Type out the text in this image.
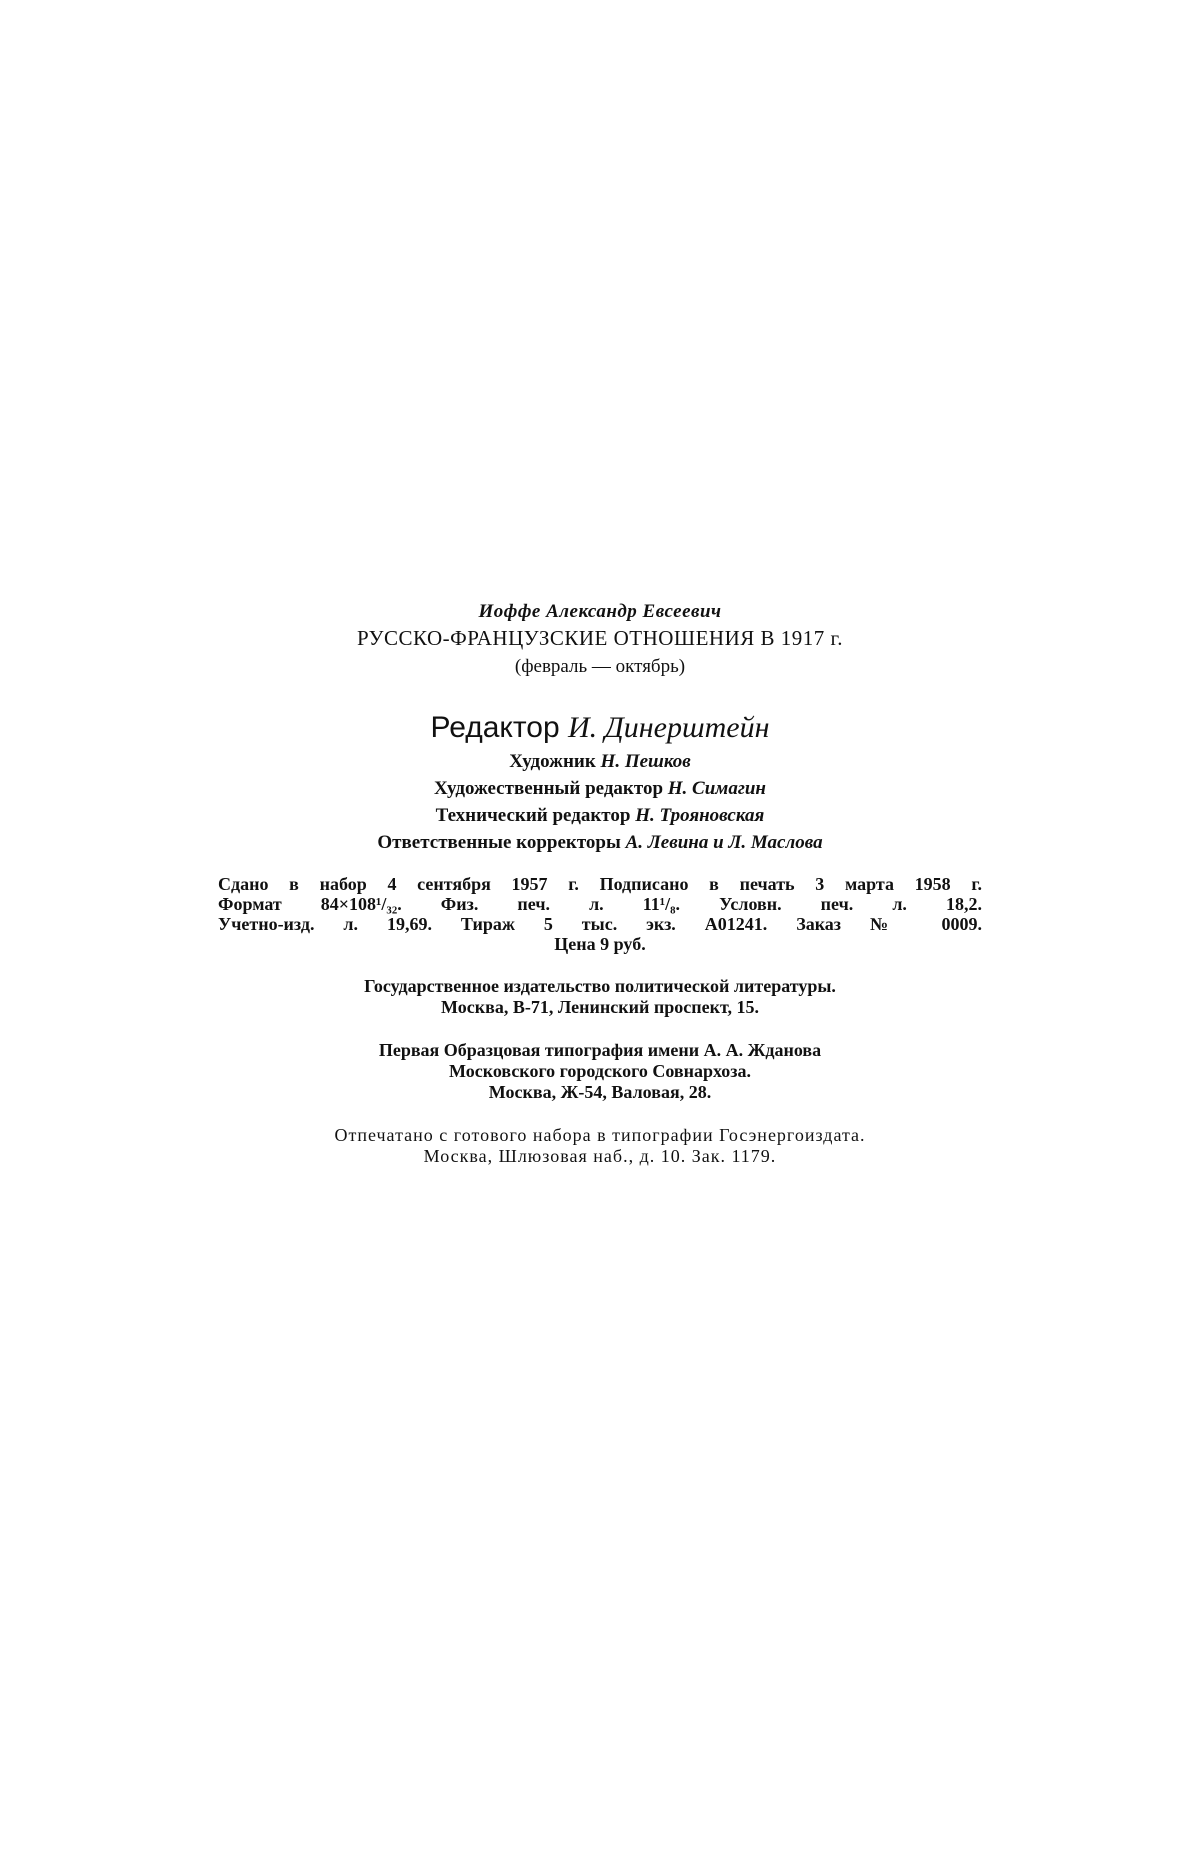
Иоффе Александр Евсеевич
РУССКО-ФРАНЦУЗСКИЕ ОТНОШЕНИЯ В 1917 г.
(февраль — октябрь)
Редактор И. Динерштейн
Художник Н. Пешков
Художественный редактор Н. Симагин
Технический редактор Н. Трояновская
Ответственные корректоры А. Левина и Л. Маслова
Сдано в набор 4 сентября 1957 г. Подписано в печать 3 марта 1958 г.
Формат 84×108¹/₃₂. Физ. печ. л. 11¹/₈. Условн. печ. л. 18,2.
Учетно-изд. л. 19,69. Тираж 5 тыс. экз. А01241. Заказ № 0009.
Цена 9 руб.
Государственное издательство политической литературы.
Москва, В-71, Ленинский проспект, 15.
Первая Образцовая типография имени А. А. Жданова
Московского городского Совнархоза.
Москва, Ж-54, Валовая, 28.
Отпечатано с готового набора в типографии Госэнергоиздата.
Москва, Шлюзовая наб., д. 10. Зак. 1179.
